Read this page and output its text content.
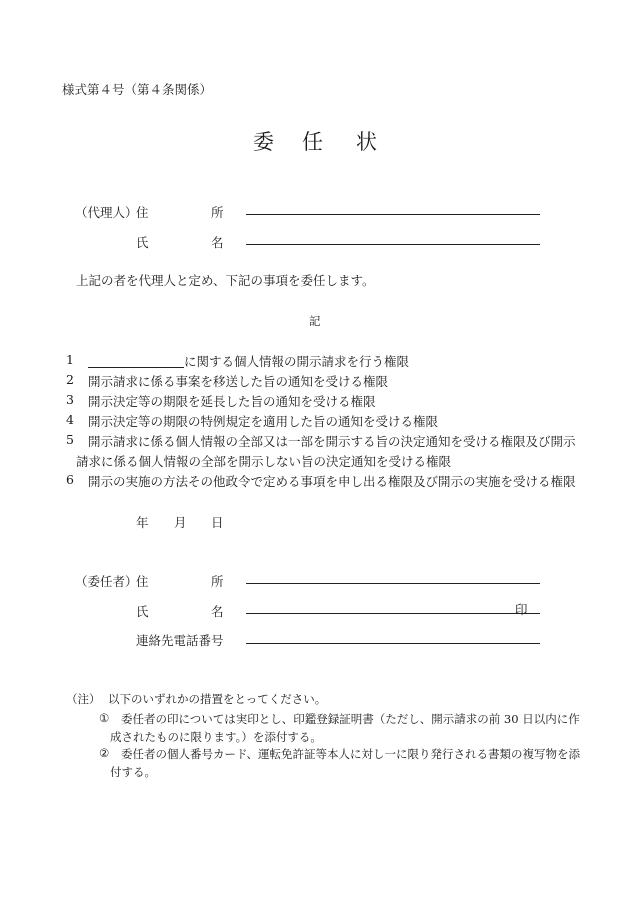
様式第４号（第４条関係）
委 任 状
（代理人）
住	所
氏	名
上記の者を代理人と定め、下記の事項を委任します。
記
1	に関する個人情報の開示請求を行う権限
2 開示請求に係る事案を移送した旨の通知を受ける権限
3 開示決定等の期限を延長した旨の通知を受ける権限
4 開示決定等の期限の特例規定を適用した旨の通知を受ける権限
5 開示請求に係る個人情報の全部又は一部を開示する旨の決定通知を受ける権限及び開示
請求に係る個人情報の全部を開示しない旨の決定通知を受ける権限
6 開示の実施の方法その他政令で定める事項を申し出る権限及び開示の実施を受ける権限
年 月 日
（委任者）
住	所
氏	名	印
連絡先電話番号
（注） 以下のいずれかの措置をとってください。
① 委任者の印については実印とし、印鑑登録証明書（ただし、開示請求の前 30 日以内に作
成されたものに限ります。）を添付する。
② 委任者の個人番号カード、運転免許証等本人に対し一に限り発行される書類の複写物を添
付する。
